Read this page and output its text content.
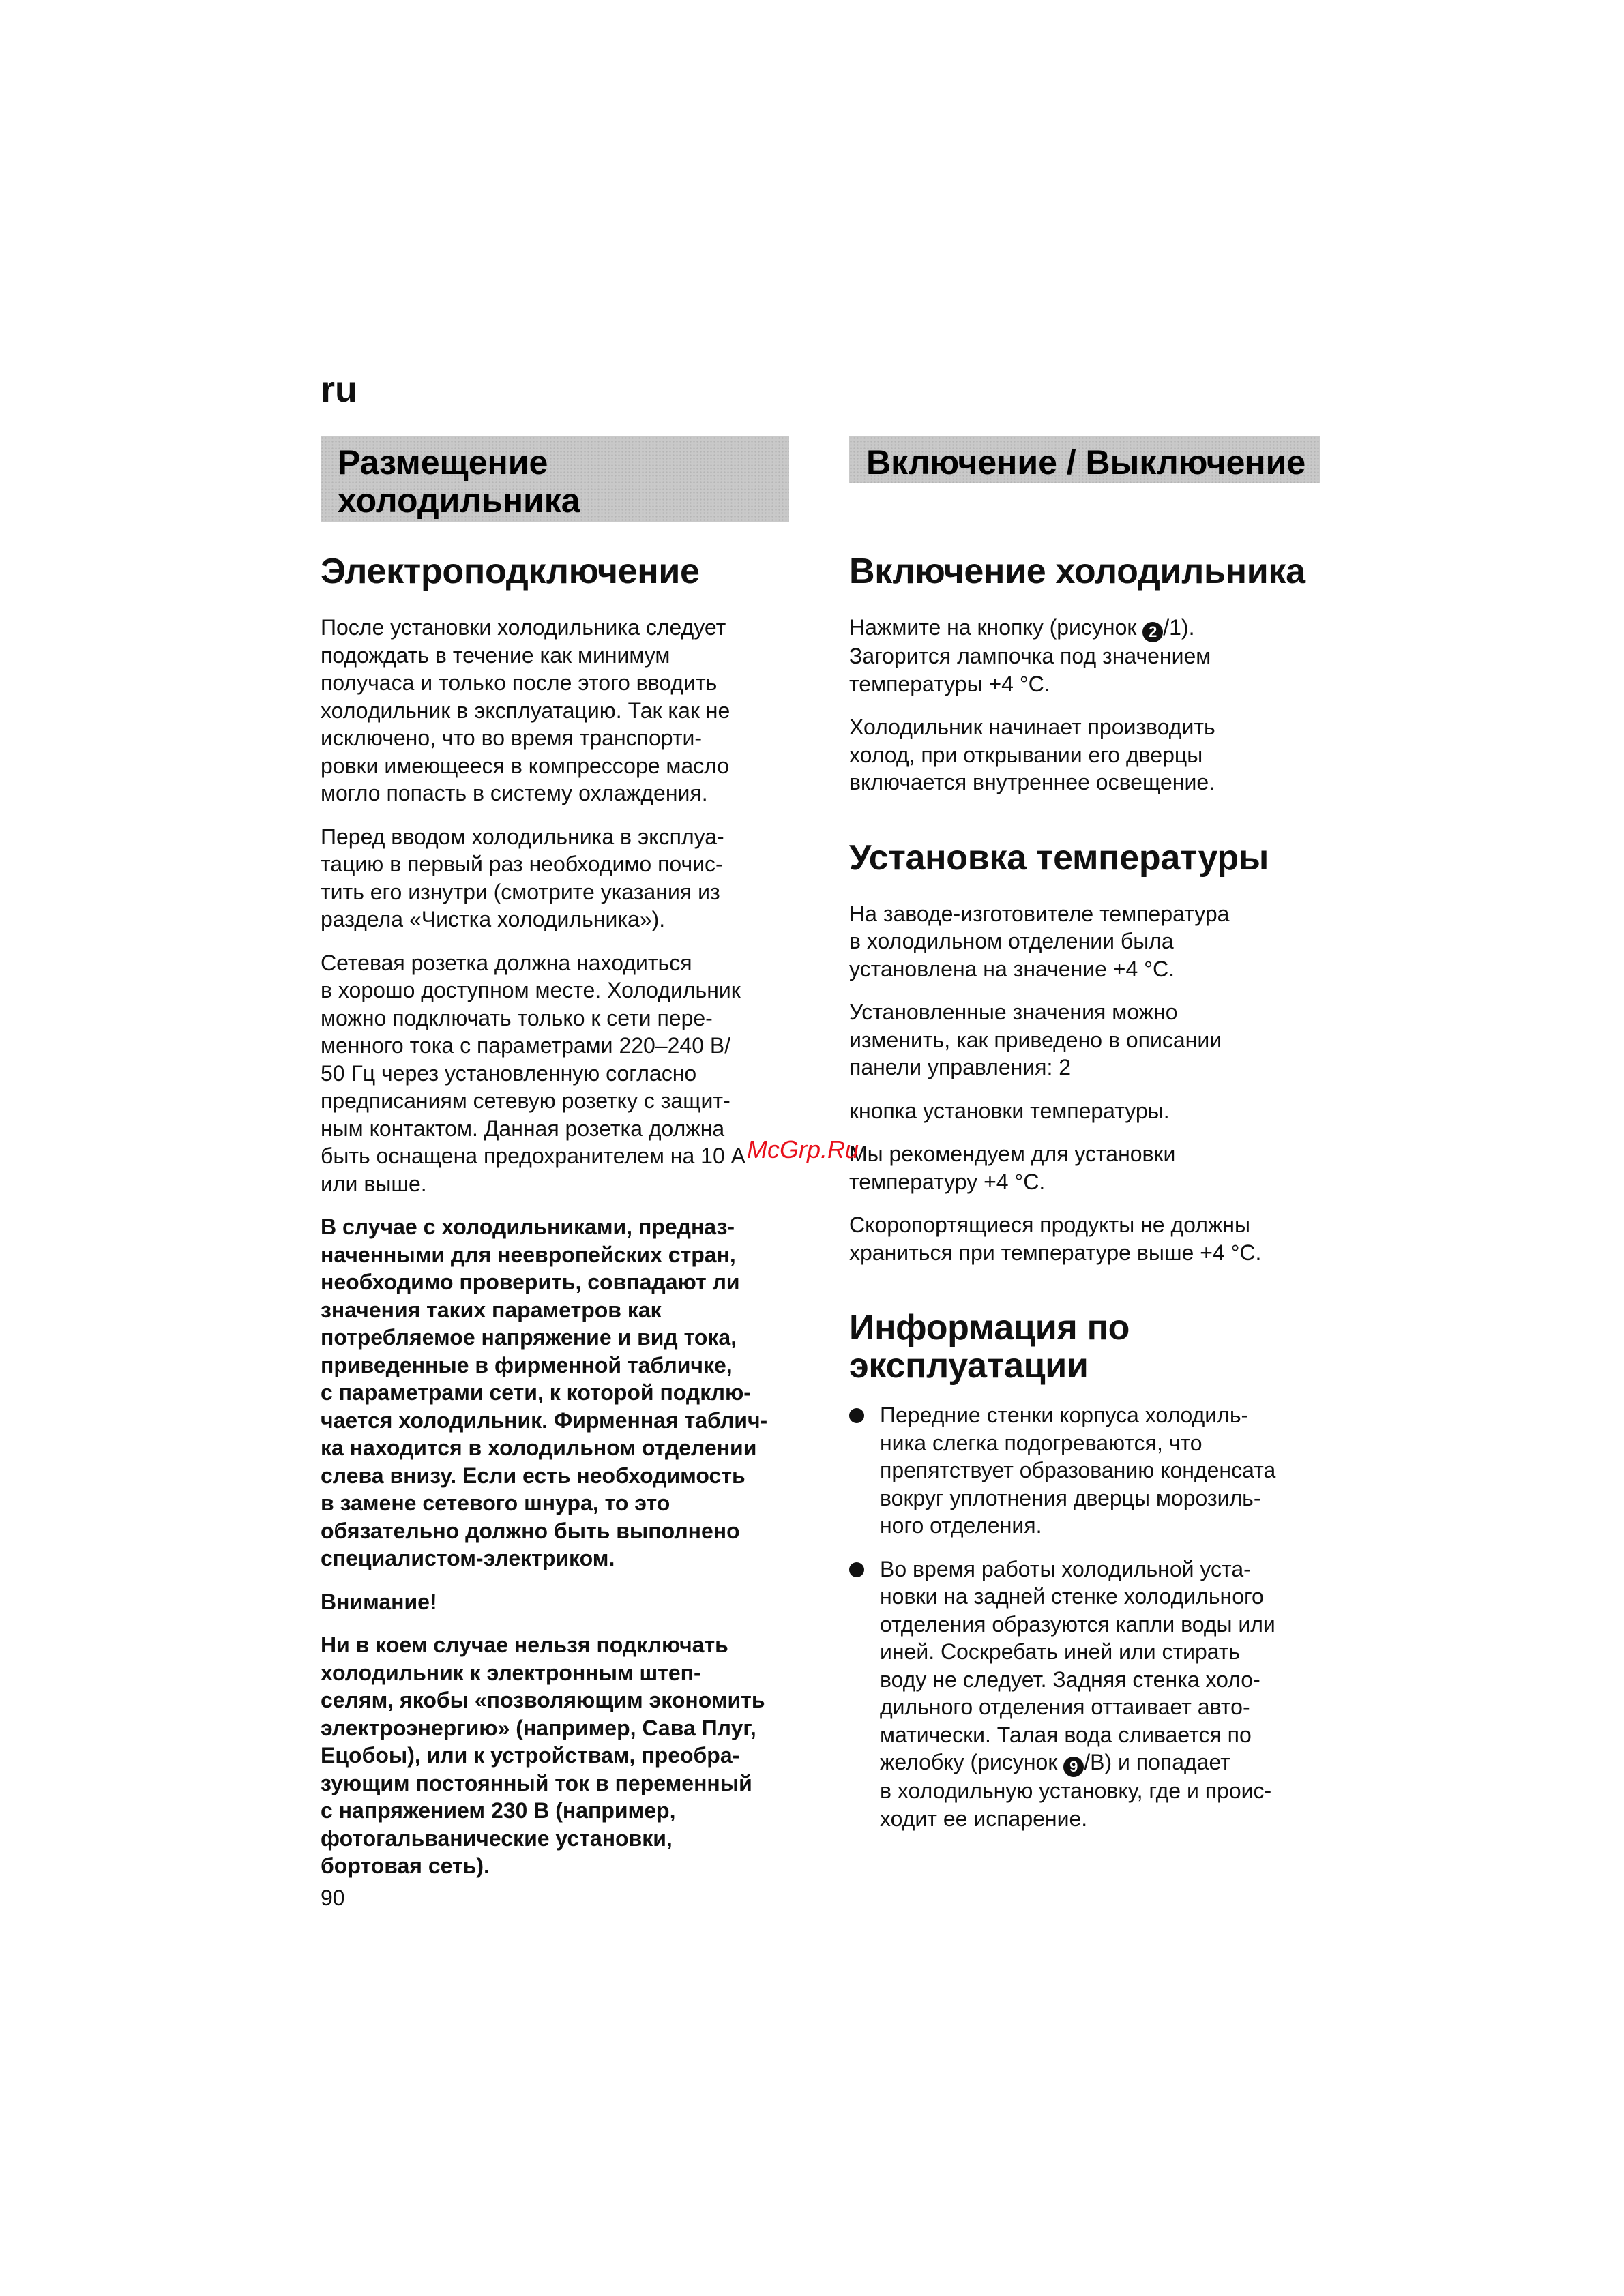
ru
Размещение
холодильника
Включение / Выключение
Электроподключение

После установки холодильника следует
подождать в течение как минимум
получаса и только после этого вводить
холодильник в эксплуатацию. Так как не
исключено, что во время транспорти-
ровки имеющееся в компрессоре масло
могло попасть в систему охлаждения.

Перед вводом холодильника в эксплуа-
тацию в первый раз необходимо почис-
тить его изнутри (смотрите указания из
раздела «Чистка холодильника»).

Сетевая розетка должна находиться
в хорошо доступном месте. Холодильник
можно подключать только к сети пере-
менного тока с параметрами 220–240 В/
50 Гц через установленную согласно
предписаниям сетевую розетку с защит-
ным контактом. Данная розетка должна
быть оснащена предохранителем на 10 А
или выше.

В случае с холодильниками, предназ-
наченными для неевропейских стран,
необходимо проверить, совпадают ли
значения таких параметров как
потребляемое напряжение и вид тока,
приведенные в фирменной табличке,
с параметрами сети, к которой подклю-
чается холодильник. Фирменная таблич-
ка находится в холодильном отделении
слева внизу. Если есть необходимость
в замене сетевого шнура, то это
обязательно должно быть выполнено
специалистом-электриком.

Внимание!

Ни в коем случае нельзя подключать
холодильник к электронным штеп-
селям, якобы «позволяющим экономить
электроэнергию» (например, Сава Плуг,
Ецобоы), или к устройствам, преобра-
зующим постоянный ток в переменный
с напряжением 230 В (например,
фотогальванические установки,
бортовая сеть).

Включение холодильника

Нажмите на кнопку (рисунок 2 /1).
Загорится лампочка под значением
температуры +4 °C.

Холодильник начинает производить
холод, при открывании его дверцы
включается внутреннее освещение.

Установка температуры

На заводе-изготовителе температура
в холодильном отделении была
установлена на значение +4 °C.

Установленные значения можно
изменить, как приведено в описании
панели управления: 2

кнопка установки температуры.

Мы рекомендуем для установки
температуру +4 °C.

Скоропортящиеся продукты не должны
храниться при температуре выше +4 °C.

Информация по
эксплуатации
Передние стенки корпуса холодиль-
ника слегка подогреваются, что
препятствует образованию конденсата
вокруг уплотнения дверцы морозиль-
ного отделения.
Во время работы холодильной уста-
новки на задней стенке холодильного
отделения образуются капли воды или
иней. Соскребать иней или стирать
воду не следует. Задняя стенка холо-
дильного отделения оттаивает авто-
матически. Талая вода сливается по
желобку (рисунок 9 /B) и попадает
в холодильную установку, где и проис-
ходит ее испарение.
McGrp.Ru
90
